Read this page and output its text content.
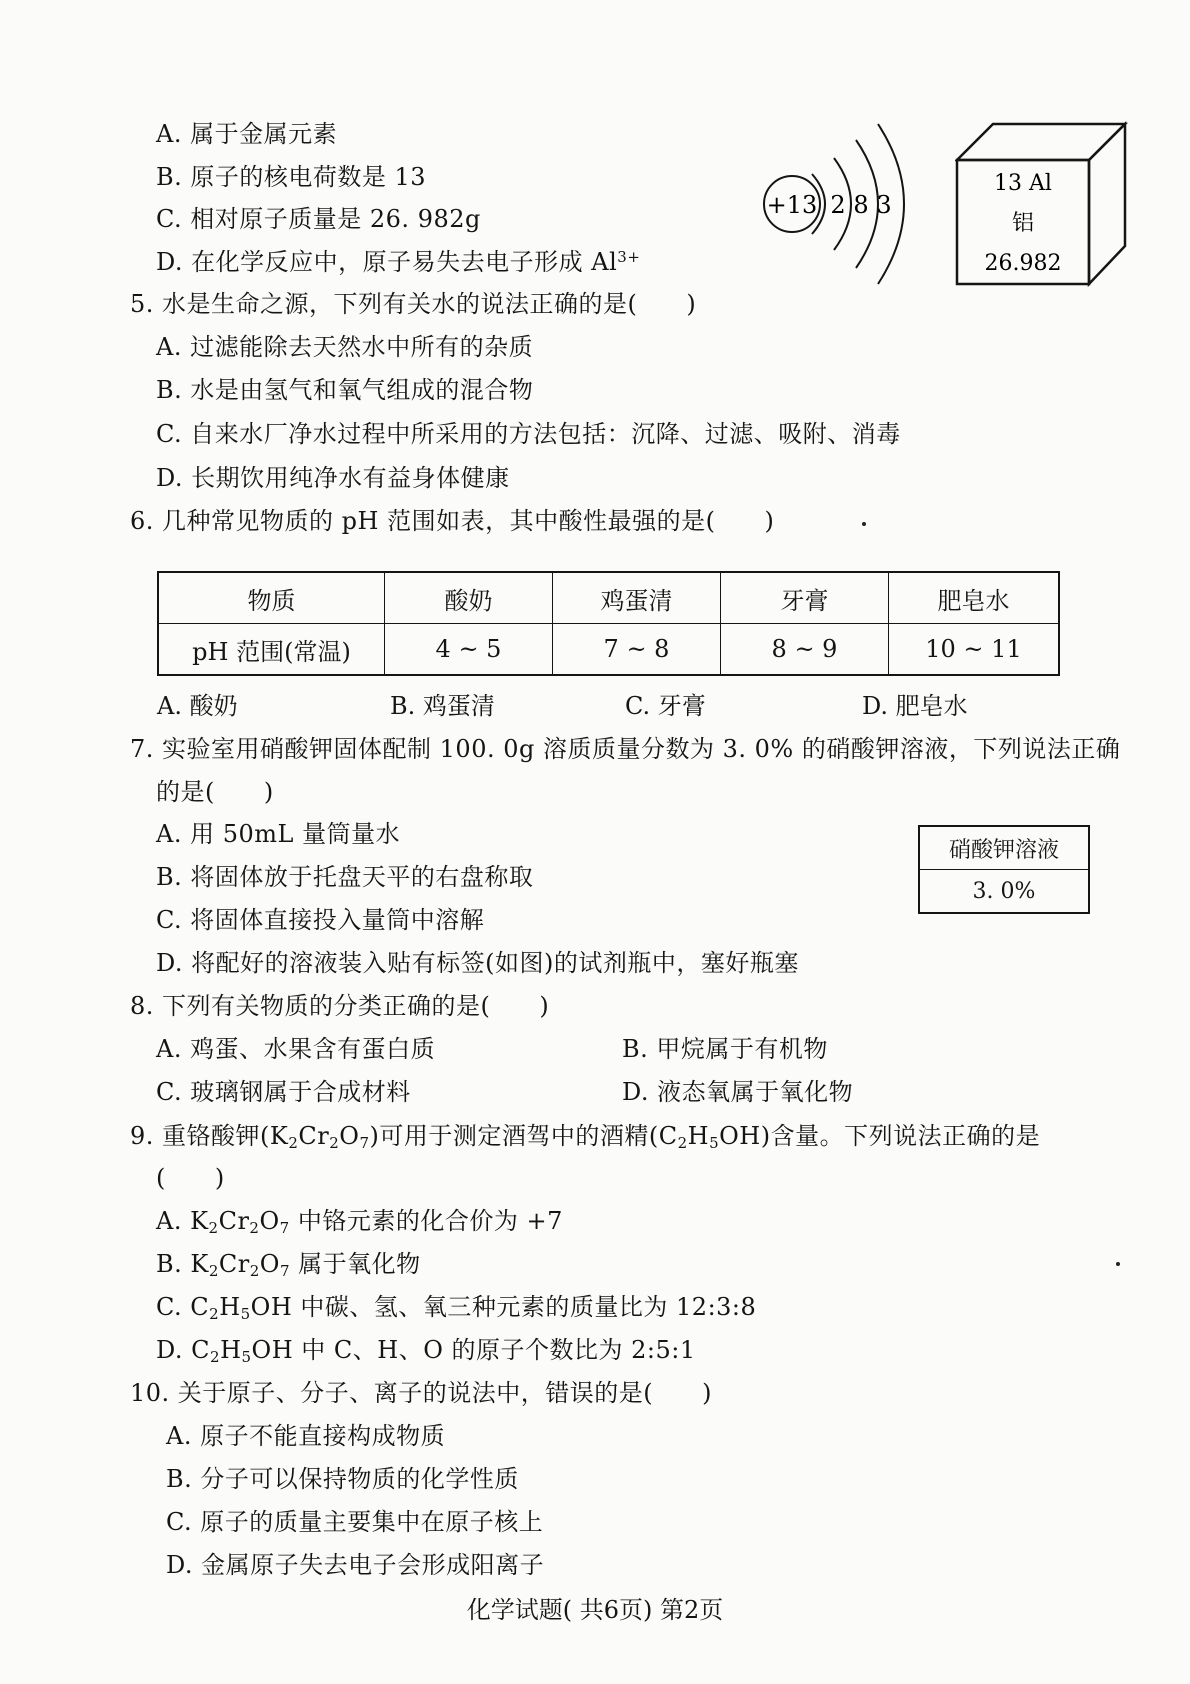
A. 属于金属元素
B. 原子的核电荷数是 13
C. 相对原子质量是 26. 982g
D. 在化学反应中，原子易失去电子形成 $Al^{3+}$
+13 2 8 3
13 Al
铝
26.982
5. 水是生命之源，下列有关水的说法正确的是(　　)
A. 过滤能除去天然水中所有的杂质
B. 水是由氢气和氧气组成的混合物
C. 自来水厂净水过程中所采用的方法包括：沉降、过滤、吸附、消毒
D. 长期饮用纯净水有益身体健康
6. 几种常见物质的 pH 范围如表，其中酸性最强的是(　　)
物质	酸奶	鸡蛋清	牙膏	肥皂水
pH 范围(常温)	4 ~ 5	7 ~ 8	8 ~ 9	10 ~ 11
A. 酸奶	B. 鸡蛋清	C. 牙膏	D. 肥皂水
7. 实验室用硝酸钾固体配制 100. 0g 溶质质量分数为 3. 0% 的硝酸钾溶液，下列说法正确
的是(　　)
A. 用 50mL 量筒量水
B. 将固体放于托盘天平的右盘称取
C. 将固体直接投入量筒中溶解
D. 将配好的溶液装入贴有标签(如图)的试剂瓶中，塞好瓶塞
硝酸钾溶液
3. 0%
8. 下列有关物质的分类正确的是(　　)
A. 鸡蛋、水果含有蛋白质	B. 甲烷属于有机物
C. 玻璃钢属于合成材料	D. 液态氧属于氧化物
9. 重铬酸钾$(K_2Cr_2O_7)$可用于测定酒驾中的酒精$(C_2H_5OH)$含量。下列说法正确的是
(　　)
A. $K_2Cr_2O_7$ 中铬元素的化合价为 +7
B. $K_2Cr_2O_7$ 属于氧化物
C. $C_2H_5OH$ 中碳、氢、氧三种元素的质量比为 12:3:8
D. $C_2H_5OH$ 中 C、H、O 的原子个数比为 2:5:1
10. 关于原子、分子、离子的说法中，错误的是(　　)
A. 原子不能直接构成物质
B. 分子可以保持物质的化学性质
C. 原子的质量主要集中在原子核上
D. 金属原子失去电子会形成阳离子
化学试题( 共6页) 第2页
